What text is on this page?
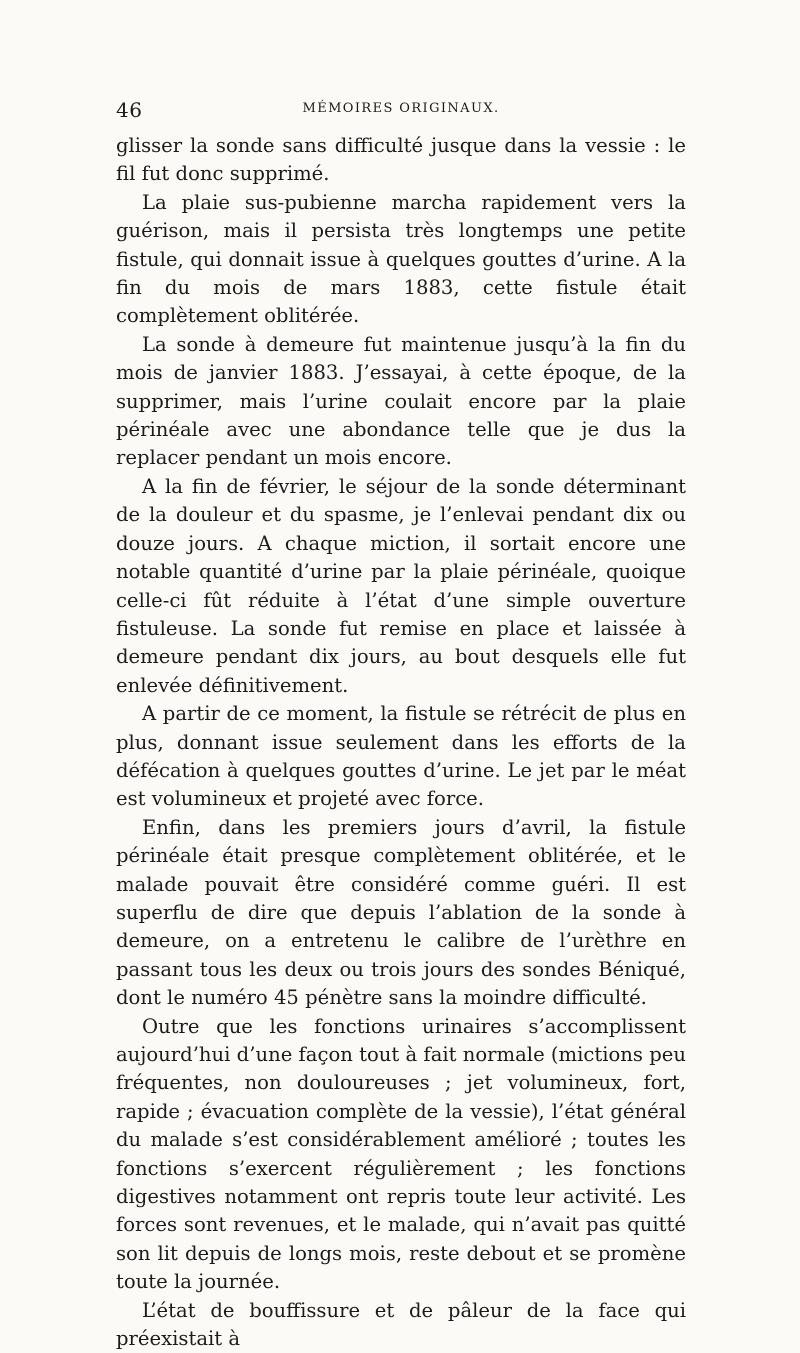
46	MÉMOIRES ORIGINAUX.

glisser la sonde sans difficulté jusque dans la vessie : le fil fut donc supprimé.

La plaie sus-pubienne marcha rapidement vers la guérison, mais il persista très longtemps une petite fistule, qui donnait issue à quelques gouttes d’urine. A la fin du mois de mars 1883, cette fistule était complètement oblitérée.

La sonde à demeure fut maintenue jusqu’à la fin du mois de janvier 1883. J’essayai, à cette époque, de la supprimer, mais l’urine coulait encore par la plaie périnéale avec une abondance telle que je dus la replacer pendant un mois encore.

A la fin de février, le séjour de la sonde déterminant de la douleur et du spasme, je l’enlevai pendant dix ou douze jours. A chaque miction, il sortait encore une notable quantité d’urine par la plaie périnéale, quoique celle-ci fût réduite à l’état d’une simple ouverture fistuleuse. La sonde fut remise en place et laissée à demeure pendant dix jours, au bout desquels elle fut enlevée définitivement.

A partir de ce moment, la fistule se rétrécit de plus en plus, donnant issue seulement dans les efforts de la défécation à quelques gouttes d’urine. Le jet par le méat est volumineux et projeté avec force.

Enfin, dans les premiers jours d’avril, la fistule périnéale était presque complètement oblitérée, et le malade pouvait être considéré comme guéri. Il est superflu de dire que depuis l’ablation de la sonde à demeure, on a entretenu le calibre de l’urèthre en passant tous les deux ou trois jours des sondes Béniqué, dont le numéro 45 pénètre sans la moindre difficulté.

Outre que les fonctions urinaires s’accomplissent aujourd’hui d’une façon tout à fait normale (mictions peu fréquentes, non douloureuses ; jet volumineux, fort, rapide ; évacuation complète de la vessie), l’état général du malade s’est considérablement amélioré ; toutes les fonctions s’exercent régulièrement ; les fonctions digestives notamment ont repris toute leur activité. Les forces sont revenues, et le malade, qui n’avait pas quitté son lit depuis de longs mois, reste debout et se promène toute la journée.

L’état de bouffissure et de pâleur de la face qui préexistait à
